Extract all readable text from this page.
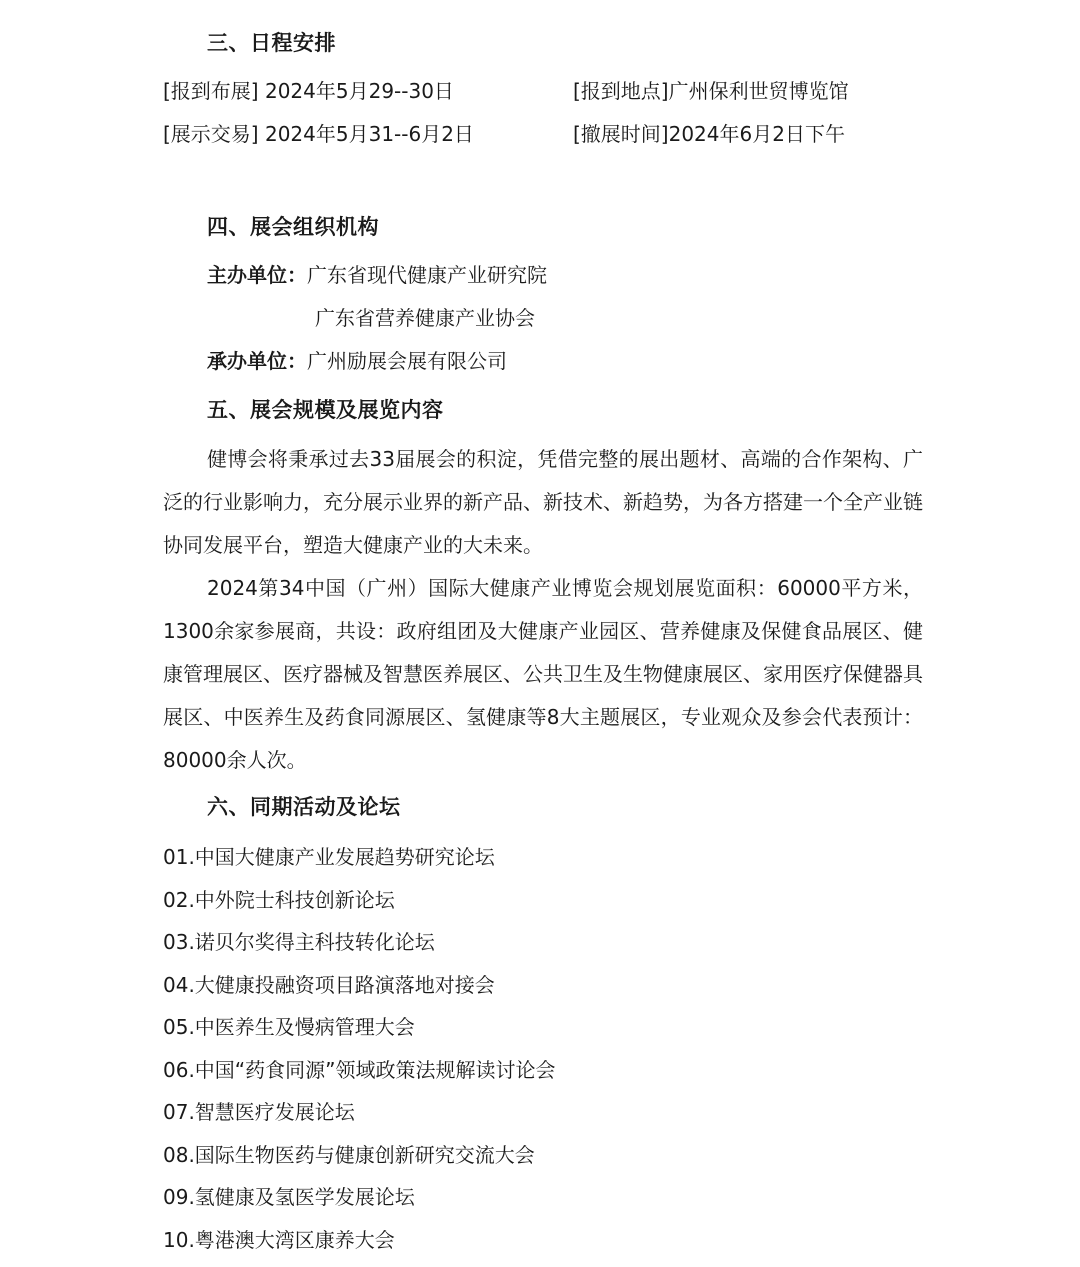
三、日程安排
[报到布展] 2024年5月29--30日	[报到地点]广州保利世贸博览馆
[展示交易] 2024年5月31--6月2日	[撤展时间]2024年6月2日下午
四、展会组织机构
主办单位：广东省现代健康产业研究院
广东省营养健康产业协会
承办单位：广州励展会展有限公司
五、展会规模及展览内容

健博会将秉承过去33届展会的积淀，凭借完整的展出题材、高端的合作架构、广泛的行业影响力，充分展示业界的新产品、新技术、新趋势，为各方搭建一个全产业链协同发展平台，塑造大健康产业的大未来。

2024第34中国（广州）国际大健康产业博览会规划展览面积：60000平方米，1300余家参展商，共设：政府组团及大健康产业园区、营养健康及保健食品展区、健康管理展区、医疗器械及智慧医养展区、公共卫生及生物健康展区、家用医疗保健器具展区、中医养生及药食同源展区、氢健康等8大主题展区，专业观众及参会代表预计：80000余人次。

六、同期活动及论坛
01.中国大健康产业发展趋势研究论坛
02.中外院士科技创新论坛
03.诺贝尔奖得主科技转化论坛
04.大健康投融资项目路演落地对接会
05.中医养生及慢病管理大会
06.中国“药食同源”领域政策法规解读讨论会
07.智慧医疗发展论坛
08.国际生物医药与健康创新研究交流大会
09.氢健康及氢医学发展论坛
10.粤港澳大湾区康养大会
